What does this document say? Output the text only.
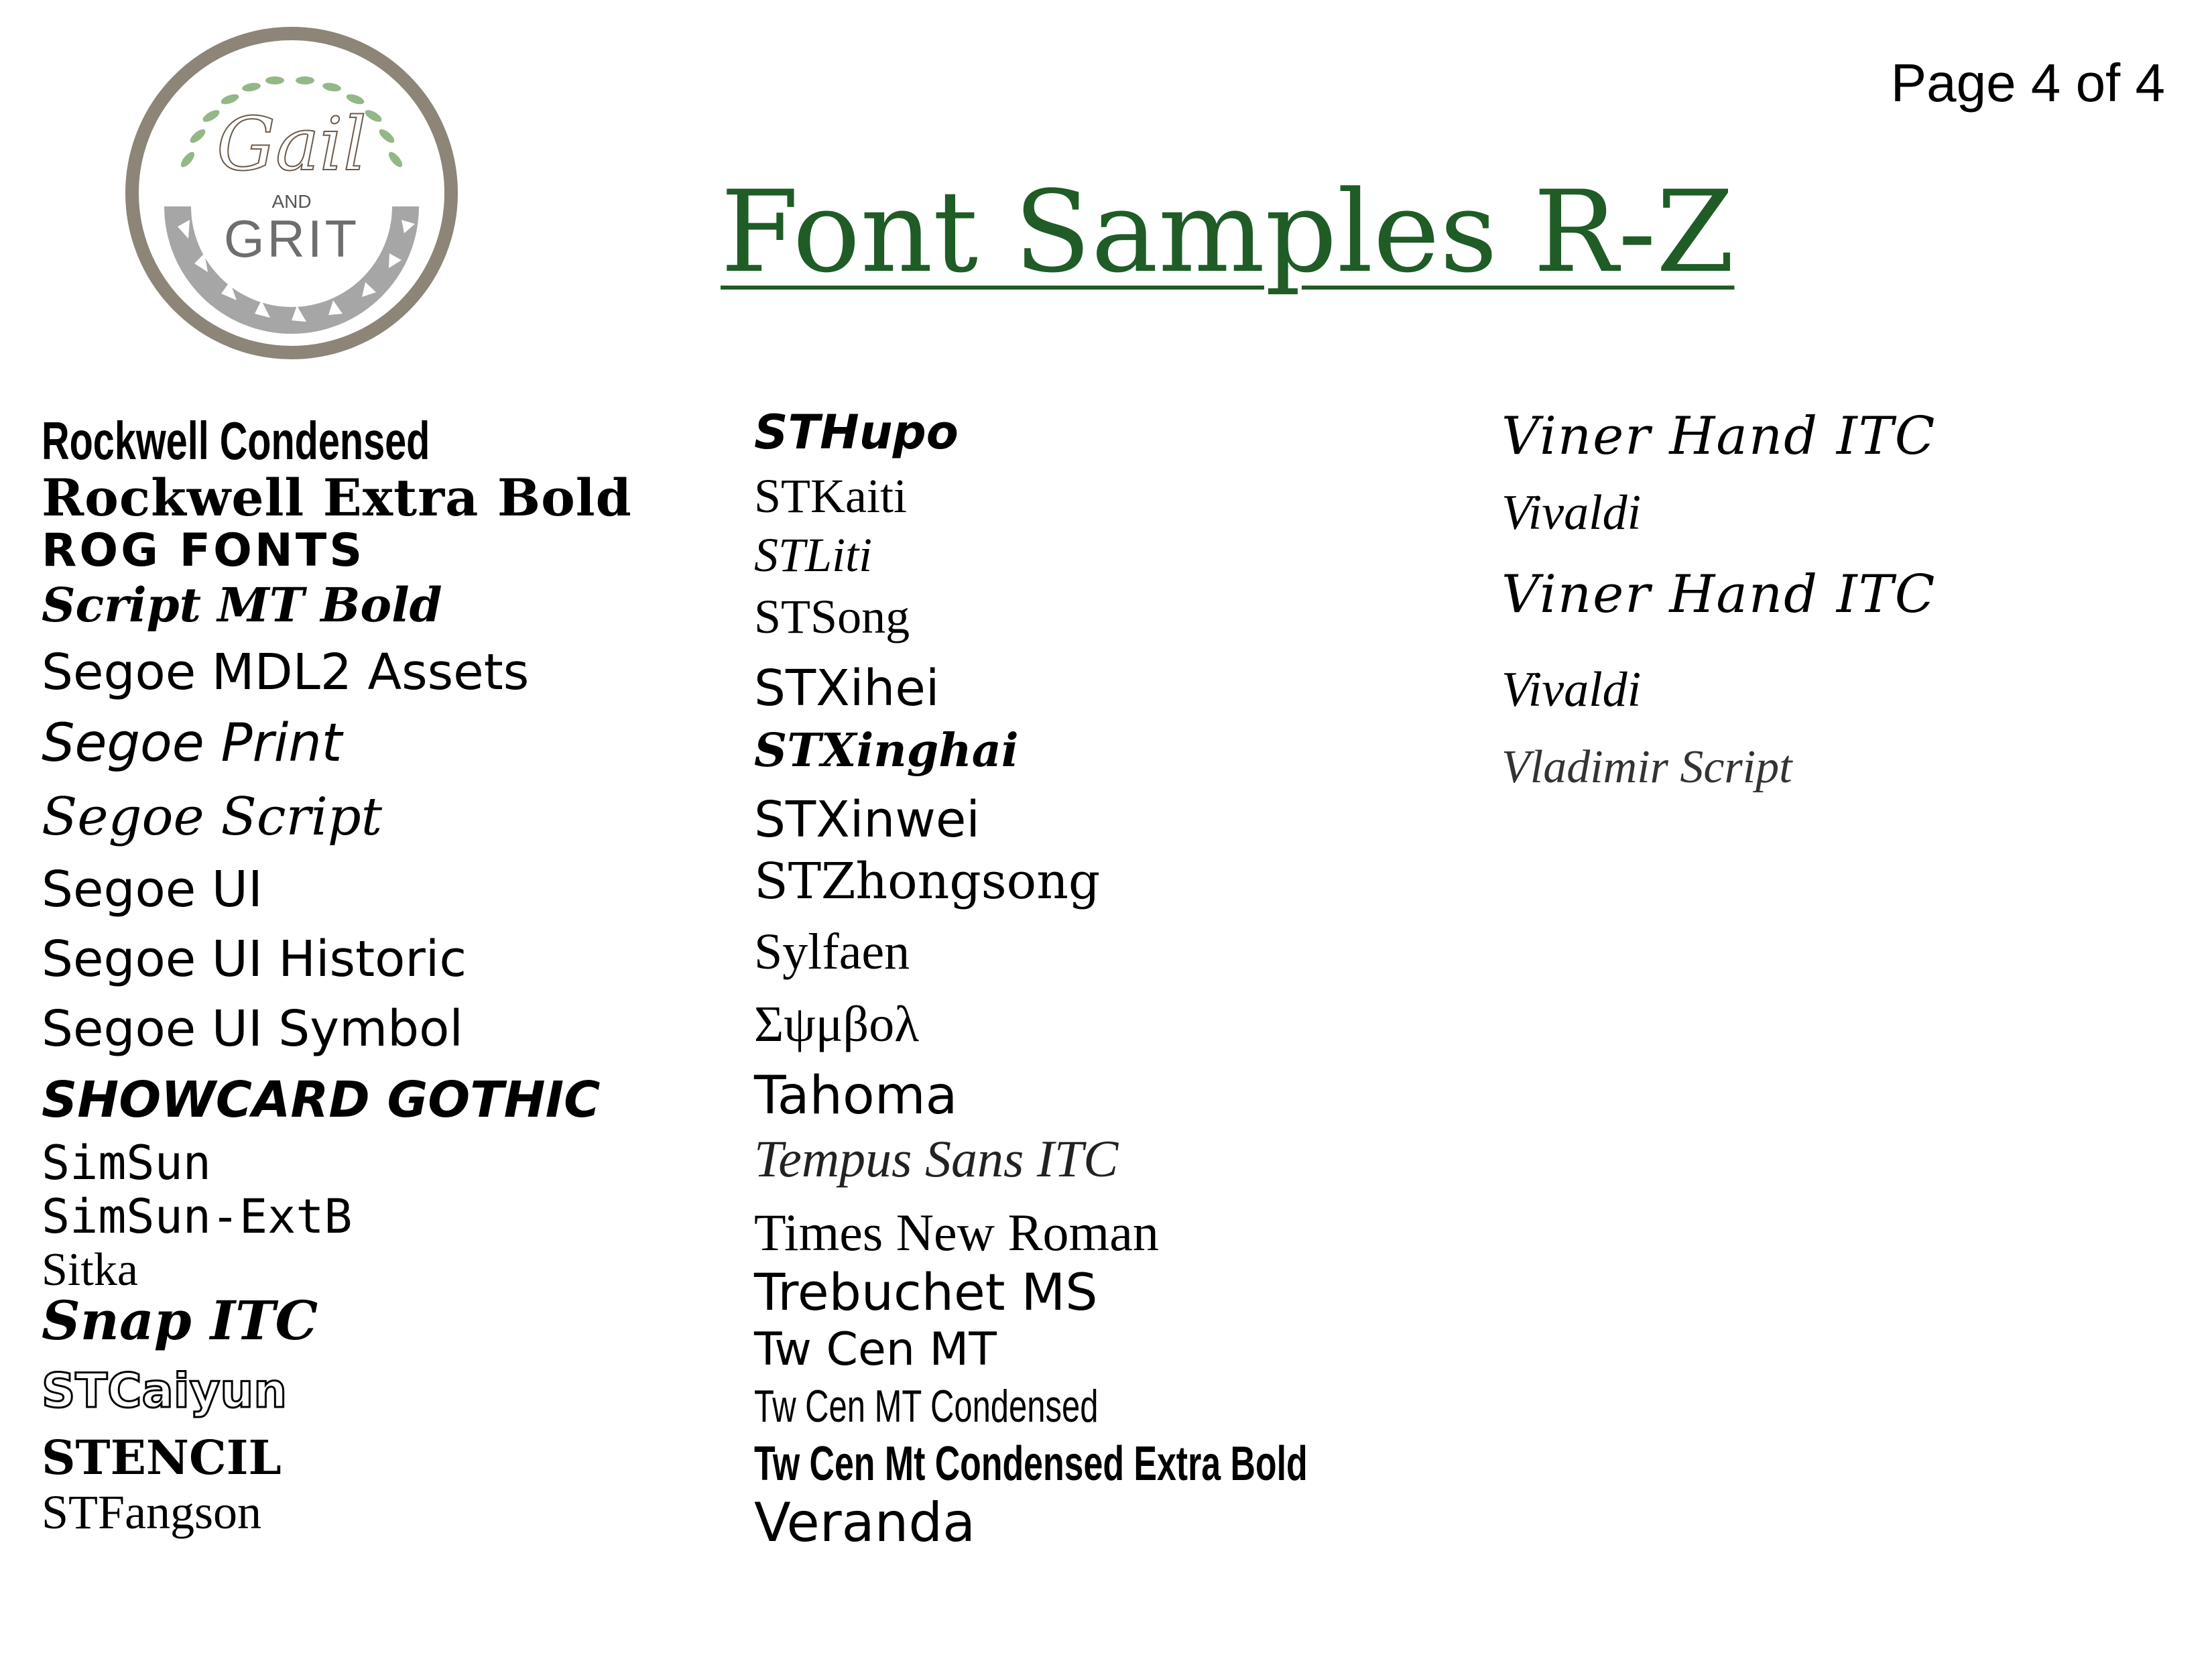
Gail
AND
GRIT
Page 4 of 4
Font Samples R-Z
Rockwell Condensed
Rockwell Extra Bold
ROG FONTS
Script MT Bold
Segoe MDL2 Assets
Segoe Print
Segoe Script
Segoe UI
Segoe UI Historic
Segoe UI Symbol
SHOWCARD GOTHIC
SimSun
SimSun-ExtB
Sitka
Snap ITC
STCaiyun
STENCIL
STFangson
STHupo
STKaiti
STLiti
STSong
STXihei
STXinghai
STXinwei
STZhongsong
Sylfaen
Σψμβολ
Tahoma
Tempus Sans ITC
Times New Roman
Trebuchet MS
Tw Cen MT
Tw Cen MT Condensed
Tw Cen Mt Condensed Extra Bold
Veranda
Viner Hand ITC
Vivaldi
Viner Hand ITC
Vivaldi
Vladimir Script
